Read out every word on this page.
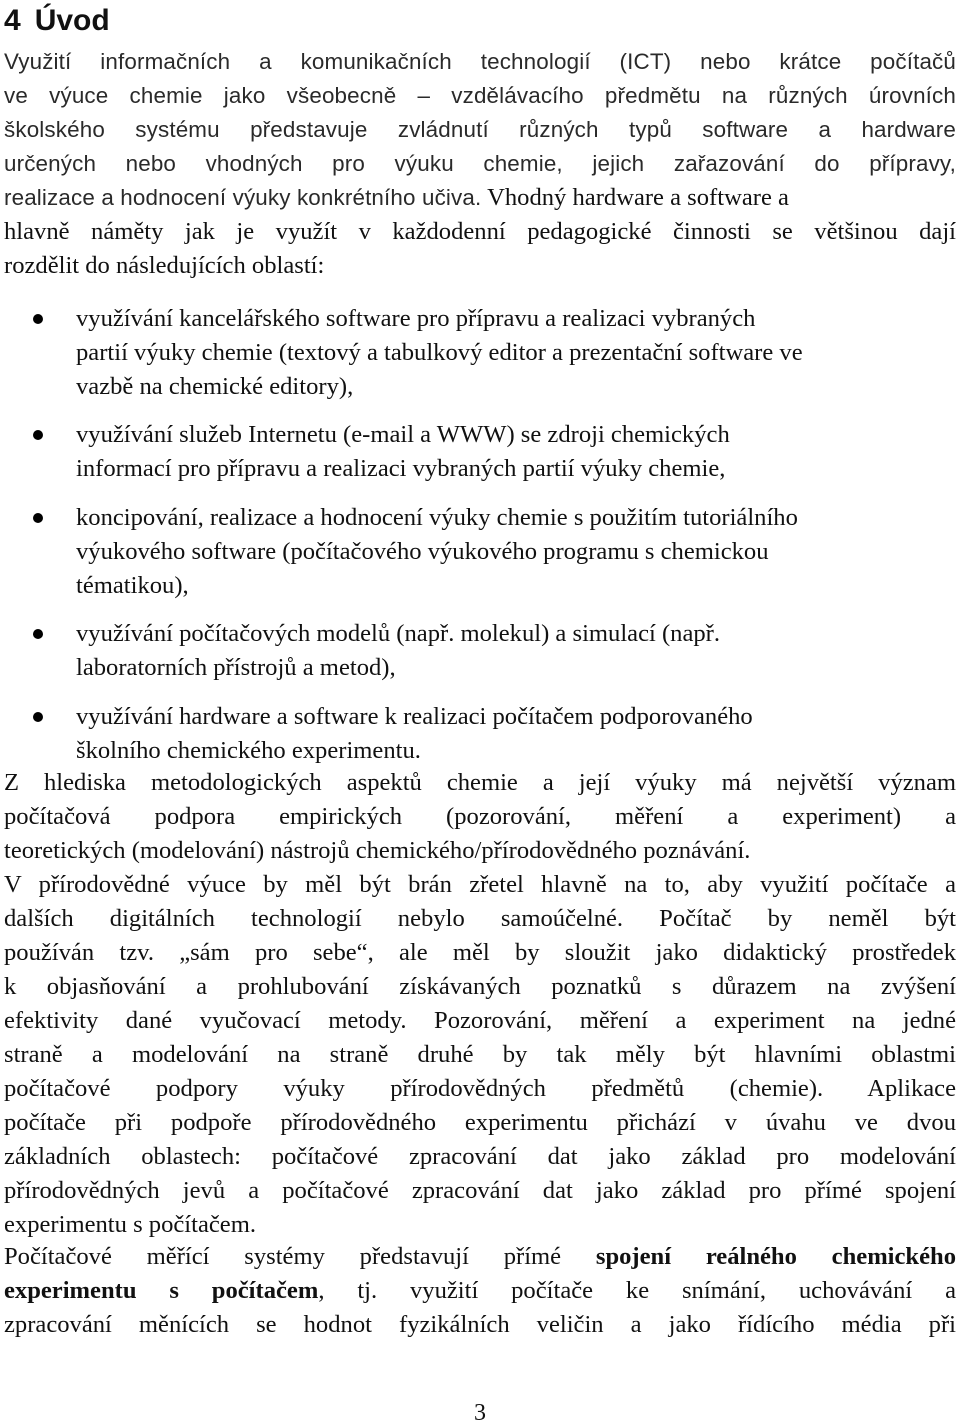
4 Úvod
Využití informačních a komunikačních technologií (ICT) nebo krátce počítačů
ve výuce chemie jako všeobecně – vzdělávacího předmětu na různých úrovních
školského systému představuje zvládnutí různých typů software a hardware
určených nebo vhodných pro výuku chemie, jejich zařazování do přípravy,
realizace a hodnocení výuky konkrétního učiva. Vhodný hardware a software a
hlavně náměty jak je využít v každodenní pedagogické činnosti se většinou dají
rozdělit do následujících oblastí:
využívání kancelářského software pro přípravu a realizaci vybraných
partií výuky chemie (textový a tabulkový editor a prezentační software ve
vazbě na chemické editory),
využívání služeb Internetu (e-mail a WWW) se zdroji chemických
informací pro přípravu a realizaci vybraných partií výuky chemie,
koncipování, realizace a hodnocení výuky chemie s použitím tutoriálního
výukového software (počítačového výukového programu s chemickou
tématikou),
využívání počítačových modelů (např. molekul) a simulací (např.
laboratorních přístrojů a metod),
využívání hardware a software k realizaci počítačem podporovaného
školního chemického experimentu.
Z hlediska metodologických aspektů chemie a její výuky má největší význam
počítačová podpora empirických (pozorování, měření a experiment) a
teoretických (modelování) nástrojů chemického/přírodovědného poznávání.
V přírodovědné výuce by měl být brán zřetel hlavně na to, aby využití počítače a
dalších digitálních technologií nebylo samoúčelné. Počítač by neměl být
používán tzv. „sám pro sebe“, ale měl by sloužit jako didaktický prostředek
k objasňování a prohlubování získávaných poznatků s důrazem na zvýšení
efektivity dané vyučovací metody. Pozorování, měření a experiment na jedné
straně a modelování na straně druhé by tak měly být hlavními oblastmi
počítačové podpory výuky přírodovědných předmětů (chemie). Aplikace
počítače při podpoře přírodovědného experimentu přichází v úvahu ve dvou
základních oblastech: počítačové zpracování dat jako základ pro modelování
přírodovědných jevů a počítačové zpracování dat jako základ pro přímé spojení
experimentu s počítačem.
Počítačové měřící systémy představují přímé spojení reálného chemického
experimentu s počítačem, tj. využití počítače ke snímání, uchovávání a
zpracování měnících se hodnot fyzikálních veličin a jako řídícího média při
3
